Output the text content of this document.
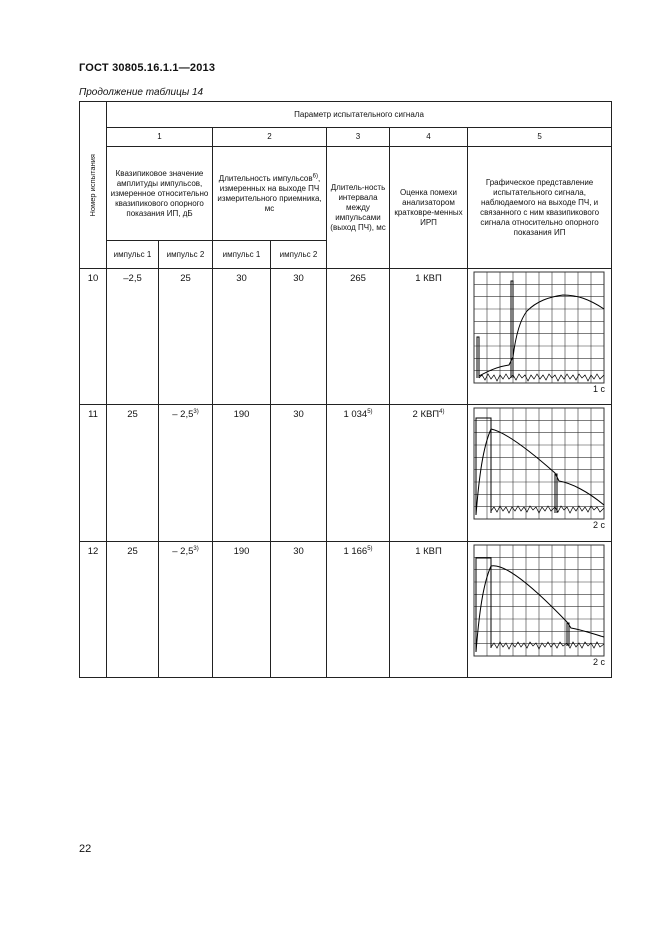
ГОСТ 30805.16.1.1—2013
Продолжение таблицы 14
Номер испытания	Параметр испытательного сигнала						
	1		2		3	4	5
	Квазипиковое значение амплитуды импульсов, измеренное относительно квазипикового опорного показания ИП, дБ		Длительность импульсов$^{6)}$, измеренных на выходе ПЧ измерительного приемника, мс		Длитель-ность интервала между импульсами (выход ПЧ), мс	Оценка помехи анализатором кратковре-менных ИРП	Графическое представление испытательного сигнала, наблюдаемого на выходе ПЧ, и связанного с ним квазипикового сигнала относительно опорного показания ИП
	импульс 1	импульс 2	импульс 1	импульс 2			
10	–2,5	25	30	30	265	1 КВП	1 с

11	25	– 2,5$^{3)}$	190	30	1 034$^{5)}$	2 КВП$^{4)}$	2 с

12	25	– 2,5$^{3)}$	190	30	1 166$^{5)}$	1 КВП	2 с
22
